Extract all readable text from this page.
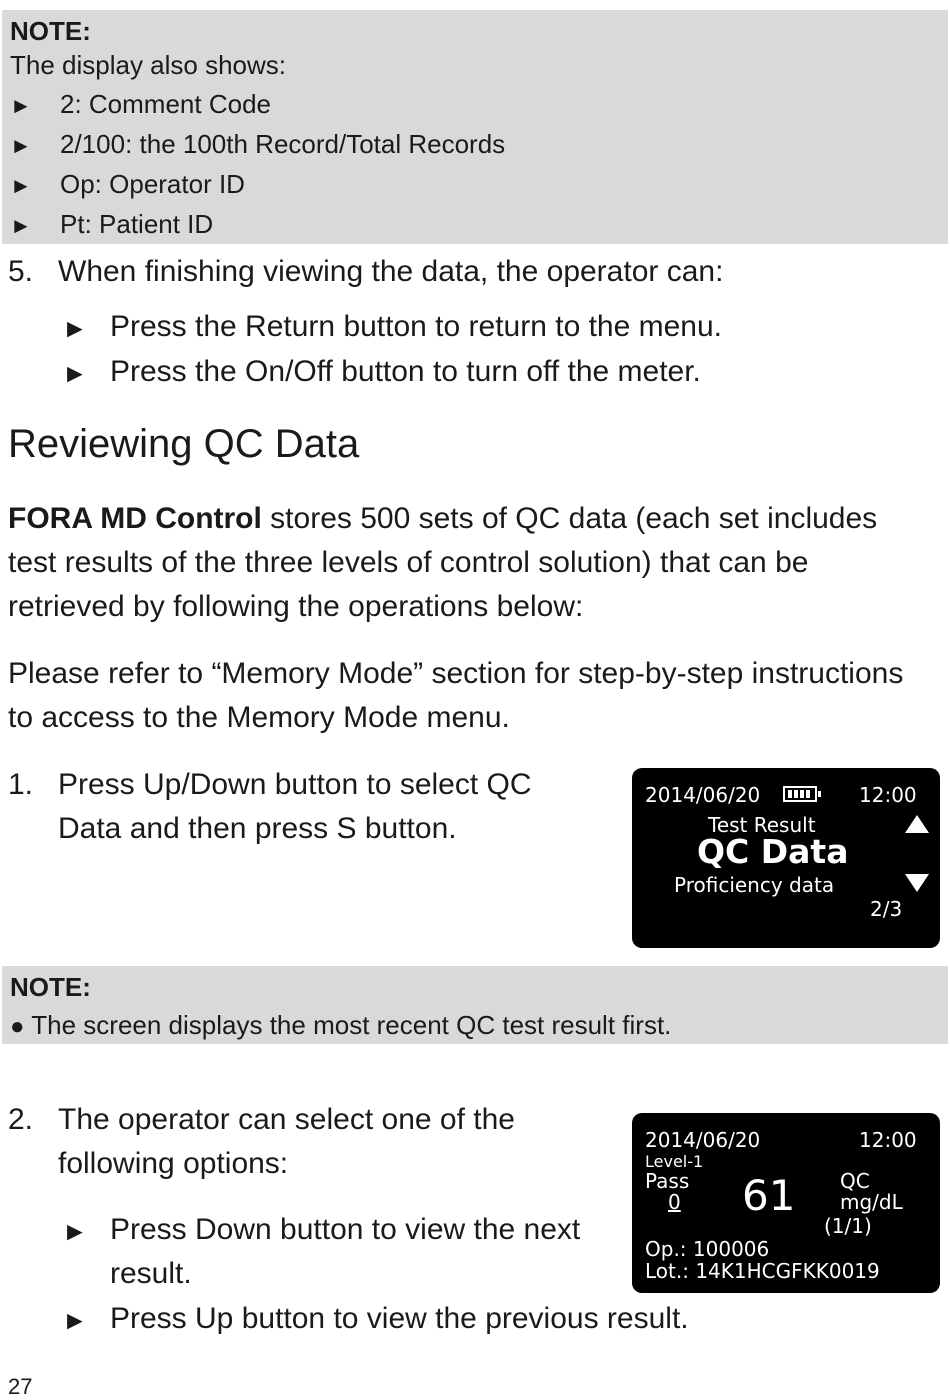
NOTE:
The display also shows:
► 2: Comment Code
► 2/100: the 100th Record/Total Records
► Op: Operator ID
► Pt: Patient ID
5. When finishing viewing the data, the operator can:
► Press the Return button to return to the menu.
► Press the On/Off button to turn off the meter.
Reviewing QC Data
FORA MD Control stores 500 sets of QC data (each set includes
test results of the three levels of control solution) that can be
retrieved by following the operations below:
Please refer to “Memory Mode” section for step-by-step instructions
to access to the Memory Mode menu.
1. Press Up/Down button to select QC
Data and then press S button.
2014/06/20	12:00
Test Result
QC Data
Proficiency data
2/3
NOTE:
● The screen displays the most recent QC test result first.
2. The operator can select one of the
following options:
► Press Down button to view the next
result.
► Press Up button to view the previous result.
2014/06/20	12:00
Level-1
Pass
0 61 QC
mg/dL
(1/1)
Op.: 100006
Lot.: 14K1HCGFKK0019
27
